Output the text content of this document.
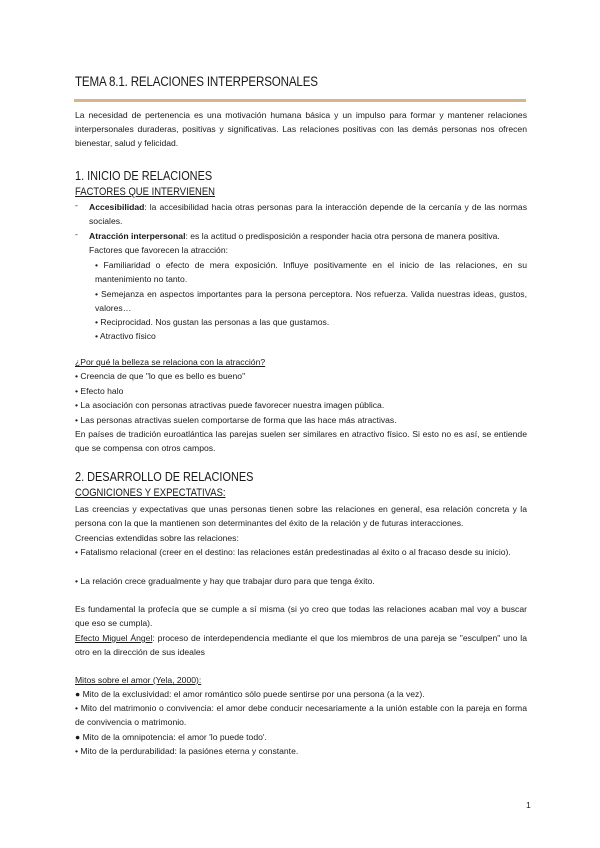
TEMA 8.1. RELACIONES INTERPERSONALES
La necesidad de pertenencia es una motivación humana básica y un impulso para formar y mantener relaciones interpersonales duraderas, positivas y significativas. Las relaciones positivas con las demás personas nos ofrecen bienestar, salud y felicidad.
1. INICIO DE RELACIONES
FACTORES QUE INTERVIENEN
- Accesibilidad: la accesibilidad hacia otras personas para la interacción depende de la cercanía y de las normas sociales.
- Atracción interpersonal: es la actitud o predisposición a responder hacia otra persona de manera positiva.
Factores que favorecen la atracción:
• Familiaridad o efecto de mera exposición. Influye positivamente en el inicio de las relaciones, en su mantenimiento no tanto.
• Semejanza en aspectos importantes para la persona perceptora. Nos refuerza. Valida nuestras ideas, gustos, valores…
• Reciprocidad. Nos gustan las personas a las que gustamos.
• Atractivo físico
¿Por qué la belleza se relaciona con la atracción?
• Creencia de que "lo que es bello es bueno"
• Efecto halo
• La asociación con personas atractivas puede favorecer nuestra imagen pública.
• Las personas atractivas suelen comportarse de forma que las hace más atractivas.
En países de tradición euroatlántica las parejas suelen ser similares en atractivo físico. Si esto no es así, se entiende que se compensa con otros campos.
2. DESARROLLO DE RELACIONES
COGNICIONES Y EXPECTATIVAS:
Las creencias y expectativas que unas personas tienen sobre las relaciones en general, esa relación concreta y la persona con la que la mantienen son determinantes del éxito de la relación y de futuras interacciones.
Creencias extendidas sobre las relaciones:
• Fatalismo relacional (creer en el destino: las relaciones están predestinadas al éxito o al fracaso desde su inicio).
• La relación crece gradualmente y hay que trabajar duro para que tenga éxito.
Es fundamental la profecía que se cumple a sí misma (si yo creo que todas las relaciones acaban mal voy a buscar que eso se cumpla).
Efecto Miguel Ángel: proceso de interdependencia mediante el que los miembros de una pareja se "esculpen" uno la otro en la dirección de sus ideales
Mitos sobre el amor (Yela, 2000):
● Mito de la exclusividad: el amor romántico sólo puede sentirse por una persona (a la vez).
• Mito del matrimonio o convivencia: el amor debe conducir necesariamente a la unión estable con la pareja en forma de convivencia o matrimonio.
● Mito de la omnipotencia: el amor 'lo puede todo'.
• Mito de la perdurabilidad: la pasiónes eterna y constante.
1
